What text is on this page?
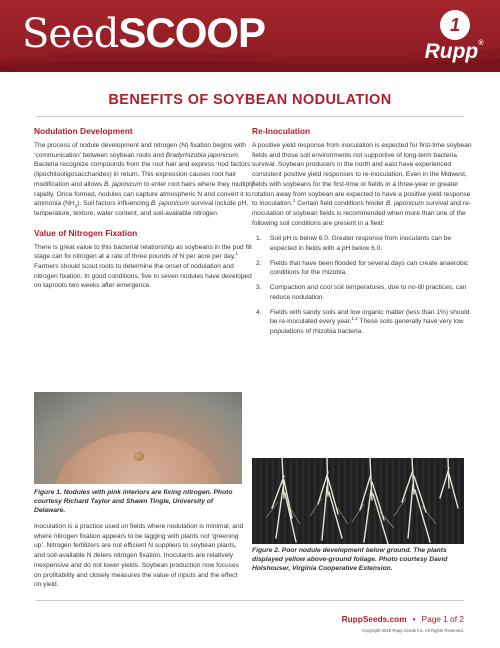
SeedSCOOP	1
Rupp®
BENEFITS OF SOYBEAN NODULATION
Nodulation Development

The process of nodule development and nitrogen (N) fixation begins with ‘communication’ between soybean roots and Bradyrhizobia japonicum. Bacteria recognize compounds from the root hair and express ‘nod factors’ (lipochitooligosaccharides) in return. This expression causes root hair modification and allows B. japonicum to enter root hairs where they multiply rapidly. Once formed, nodules can capture atmospheric N and convert it to ammonia $(NH_3)$. Soil factors influencing B. japonicum survival include pH, temperature, texture, water content, and soil-available nitrogen.

Value of Nitrogen Fixation

There is great value to this bacterial relationship as soybeans in the pod fill stage can fix nitrogen at a rate of three pounds of N per acre per day.$^1$ Farmers should scout roots to determine the onset of nodulation and nitrogen fixation. In good conditions, five to seven nodules have developed on taproots two weeks after emergence.

Figure 1. Nodules with pink interiors are fixing nitrogen. Photo courtesy Richard Taylor and Shawn Tingle, University of Delaware.

Inoculation is a practice used on fields where nodulation is minimal, and where nitrogen fixation appears to be lagging with plants not ‘greening up’. Nitrogen fertilizers are not efficient N suppliers to soybean plants, and soil-available N deters nitrogen fixation. Inoculants are relatively inexpensive and do not lower yields. Soybean production now focuses on profitability and closely measures the value of inputs and the effect on yield.

Re-Inoculation

A positive yield response from inoculation is expected for first-time soybean fields and those soil environments not supportive of long-term bacteria survival. Soybean producers in the north and east have experienced consistent positive yield responses to re-inoculation. Even in the Midwest, fields with soybeans for the first-time or fields in a three-year or greater rotation away from soybean are expected to have a positive yield response to inoculation.$^1$ Certain field conditions hinder B. japonicum survival and re-inoculation of soybean fields is recommended when more than one of the following soil conditions are present in a field:

1. Soil pH is below 6.0. Greater response from inoculants can be expected in fields with a pH below 6.0.
2. Fields that have been flooded for several days can create anaerobic conditions for the rhizobia.
3. Compaction and cool soil temperatures, due to no-till practices, can reduce nodulation.
4. Fields with sandy soils and low organic matter (less than 1%) should be re-inoculated every year.$^{1,2}$ These soils generally have very low populations of rhizobia bacteria.
Figure 2. Poor nodule development below ground. The plants displayed yellow above-ground foliage. Photo courtesy David Holshouser, Virginia Cooperative Extension.
RuppSeeds.com • Page 1 of 2
Copyright 2019 Rupp Seeds Inc. All Rights Reserved.
